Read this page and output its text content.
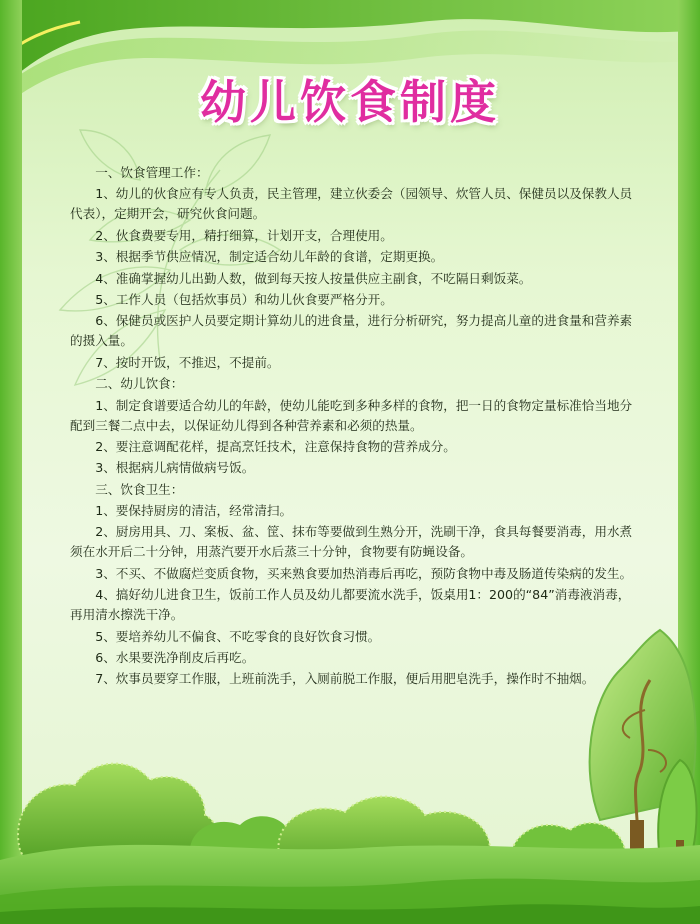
幼儿饮食制度

一、饮食管理工作：

1、幼儿的伙食应有专人负责，民主管理，建立伙委会（园领导、炊管人员、保健员以及保教人员代表），定期开会，研究伙食问题。

2、伙食费要专用，精打细算，计划开支，合理使用。

3、根据季节供应情况，制定适合幼儿年龄的食谱，定期更换。

4、准确掌握幼儿出勤人数，做到每天按人按量供应主副食，不吃隔日剩饭菜。

5、工作人员（包括炊事员）和幼儿伙食要严格分开。

6、保健员或医护人员要定期计算幼儿的进食量，进行分析研究，努力提高儿童的进食量和营养素的摄入量。

7、按时开饭，不推迟，不提前。

二、幼儿饮食：

1、制定食谱要适合幼儿的年龄，使幼儿能吃到多种多样的食物，把一日的食物定量标准恰当地分配到三餐二点中去，以保证幼儿得到各种营养素和必须的热量。

2、要注意调配花样，提高烹饪技术，注意保持食物的营养成分。

3、根据病儿病情做病号饭。

三、饮食卫生：

1、要保持厨房的清洁，经常清扫。

2、厨房用具、刀、案板、盆、筐、抹布等要做到生熟分开，洗刷干净，食具每餐要消毒，用水煮须在水开后二十分钟，用蒸汽要开水后蒸三十分钟，食物要有防蝇设备。

3、不买、不做腐烂变质食物，买来熟食要加热消毒后再吃，预防食物中毒及肠道传染病的发生。

4、搞好幼儿进食卫生，饭前工作人员及幼儿都要流水洗手，饭桌用1：200的“84”消毒液消毒，再用清水擦洗干净。

5、要培养幼儿不偏食、不吃零食的良好饮食习惯。

6、水果要洗净削皮后再吃。

7、炊事员要穿工作服，上班前洗手，入厕前脱工作服，便后用肥皂洗手，操作时不抽烟。
